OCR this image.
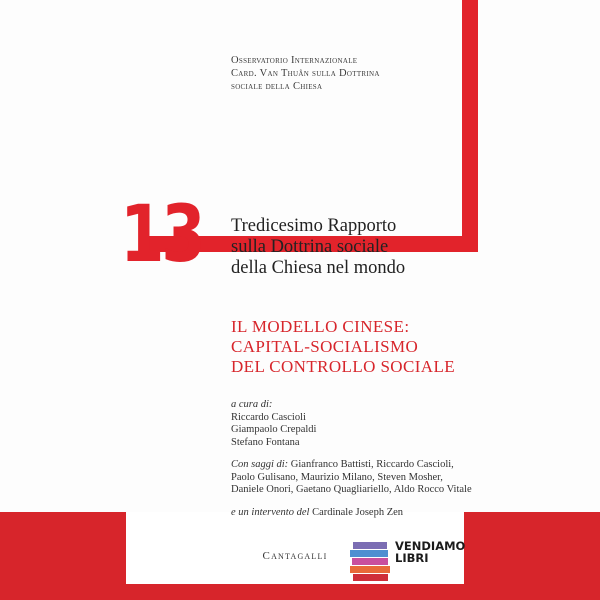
Osservatorio Internazionale
Card. Van Thuân sulla Dottrina
sociale della Chiesa
13 Tredicesimo Rapporto
sulla Dottrina sociale
della Chiesa nel mondo
IL MODELLO CINESE:
CAPITAL-SOCIALISMO
DEL CONTROLLO SOCIALE
a cura di:
Riccardo Cascioli
Giampaolo Crepaldi
Stefano Fontana
Con saggi di: Gianfranco Battisti, Riccardo Cascioli,
Paolo Gulisano, Maurizio Milano, Steven Mosher,
Daniele Onori, Gaetano Quagliariello, Aldo Rocco Vitale
e un intervento del Cardinale Joseph Zen
Cantagalli
VENDIAMO
LIBRI
DI TUTTI A TUTTI
